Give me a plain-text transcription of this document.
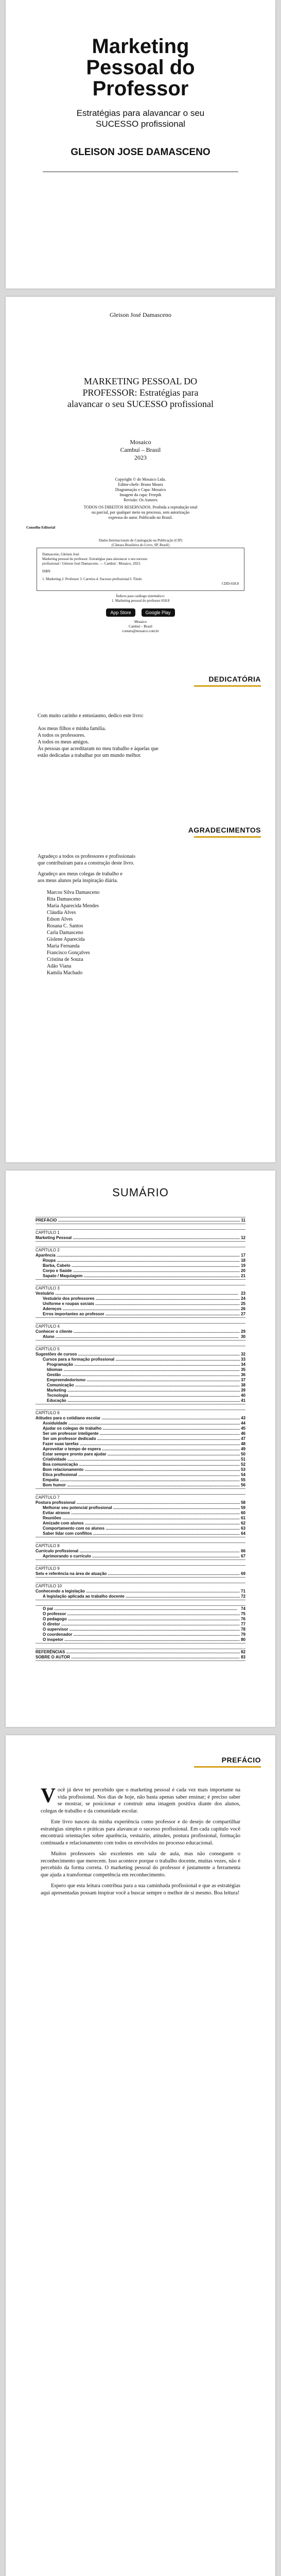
Marketing
Pessoal do
Professor
Estratégias para alavancar o seu
SUCESSO profissional
GLEISON JOSE DAMASCENO
Gleison José Damasceno
MARKETING PESSOAL DO
PROFESSOR: Estratégias para
alavancar o seu SUCESSO profissional
Mosaico
Cambuí – Brasil
2023
Copyright © do Mosaico Ltda.
Editor-chefe: Bruno Moura
Diagramação e Capa: Mosaico
Imagem da capa: Freepik
Revisão: Os Autores
TODOS OS DIREITOS RESERVADOS. Proibida a reprodução total
ou parcial, por qualquer meio ou processo, sem autorização
expressa do autor. Publicado no Brasil.
Conselho Editorial
Dados Internacionais de Catalogação na Publicação (CIP)
(Câmara Brasileira do Livro, SP, Brasil)
Damasceno, Gleison José
Marketing pessoal do professor: Estratégias para alavancar o seu sucesso
profissional / Gleison José Damasceno. — Cambuí : Mosaico, 2023.
ISBN
1. Marketing 2. Professor 3. Carreira 4. Sucesso profissional I. Título
CDD-658.8
Índices para catálogo sistemático:
1. Marketing pessoal do professor 658.8
App Store	Google Play
Mosaico
Cambuí – Brasil
contato@mosaico.com.br
DEDICATÓRIA
Com muito carinho e entusiasmo, dedico este livro:
Aos meus filhos e minha família.
A todos os professores.
A todos os meus amigos.
Às pessoas que acreditaram no meu trabalho e àquelas que
estão dedicadas a trabalhar por um mundo melhor.
AGRADECIMENTOS
Agradeço a todos os professores e profissionais
que contribuíram para a construção deste livro.
Agradeço aos meus colegas de trabalho e
aos meus alunos pela inspiração diária.
Marcos Silva Damasceno
Rita Damasceno
Maria Aparecida Mendes
Cláudia Alves
Edson Alves
Rosana C. Santos
Carla Damasceno
Gislene Aparecida
Maria Fernanda
Francisco Gonçalves
Cristina de Souza
Adão Viana
Kamila Machado
SUMÁRIO
PREFÁCIO .....	11
CAPÍTULO 1
Marketing Pessoal .....	12
CAPÍTULO 2
Aparência .....	17
Roupa .....	18
Barba, Cabelo .....	19
Corpo e Saúde .....	20
Sapato / Maquiagem .....	21
CAPÍTULO 3
Vestuário .....	23
Vestuário dos professores .....	24
Uniforme e roupas sociais .....	25
Adereços .....	26
Erros importantes ao professor .....	27
CAPÍTULO 4
Conhecer o cliente .....	29
Aluno .....	30
CAPÍTULO 5
Sugestões de cursos .....	32
Cursos para a formação profissional .....	33
Programação .....	34
Idiomas .....	35
Gestão .....	36
Empreendedorismo .....	37
Comunicação .....	38
Marketing .....	39
Tecnologia .....	40
Educação .....	41
CAPÍTULO 6
Atitudes para o cotidiano escolar .....	43
Assiduidade .....	44
Ajudar os colegas de trabalho .....	45
Ser um professor inteligente .....	46
Ser um professor dedicado .....	47
Fazer suas tarefas .....	48
Aproveitar o tempo de espera .....	49
Estar sempre pronto para ajudar .....	50
Criatividade .....	51
Boa comunicação .....	52
Bom relacionamento .....	53
Ética profissional .....	54
Empatia .....	55
Bom humor .....	56
CAPÍTULO 7
Postura profissional .....	58
Melhorar seu potencial profissional .....	59
Evitar atrasos .....	60
Reuniões .....	61
Amizade com alunos .....	62
Comportamento com os alunos .....	63
Saber lidar com conflitos .....	64
CAPÍTULO 8
Currículo profissional .....	66
Aprimorando o currículo .....	67
CAPÍTULO 9
Selo e referência na área de atuação .....	69
CAPÍTULO 10
Conhecendo a legislação .....	71
A legislação aplicada ao trabalho docente .....	72
O pai .....	74
O professor .....	75
O pedagogo .....	76
O diretor .....	77
O supervisor .....	78
O coordenador .....	79
O inspetor .....	80
REFERÊNCIAS .....	82
SOBRE O AUTOR .....	83
PREFÁCIO

Você já deve ter percebido que o marketing pessoal é cada vez mais importante na vida profissional. Nos dias de hoje, não basta apenas saber ensinar; é preciso saber se mostrar, se posicionar e construir uma imagem positiva diante dos alunos, colegas de trabalho e da comunidade escolar.

Este livro nasceu da minha experiência como professor e do desejo de compartilhar estratégias simples e práticas para alavancar o sucesso profissional. Em cada capítulo você encontrará orientações sobre aparência, vestuário, atitudes, postura profissional, formação continuada e relacionamento com todos os envolvidos no processo educacional.

Muitos professores são excelentes em sala de aula, mas não conseguem o reconhecimento que merecem. Isso acontece porque o trabalho docente, muitas vezes, não é percebido da forma correta. O marketing pessoal do professor é justamente a ferramenta que ajuda a transformar competência em reconhecimento.

Espero que esta leitura contribua para a sua caminhada profissional e que as estratégias aqui apresentadas possam inspirar você a buscar sempre o melhor de si mesmo. Boa leitura!
